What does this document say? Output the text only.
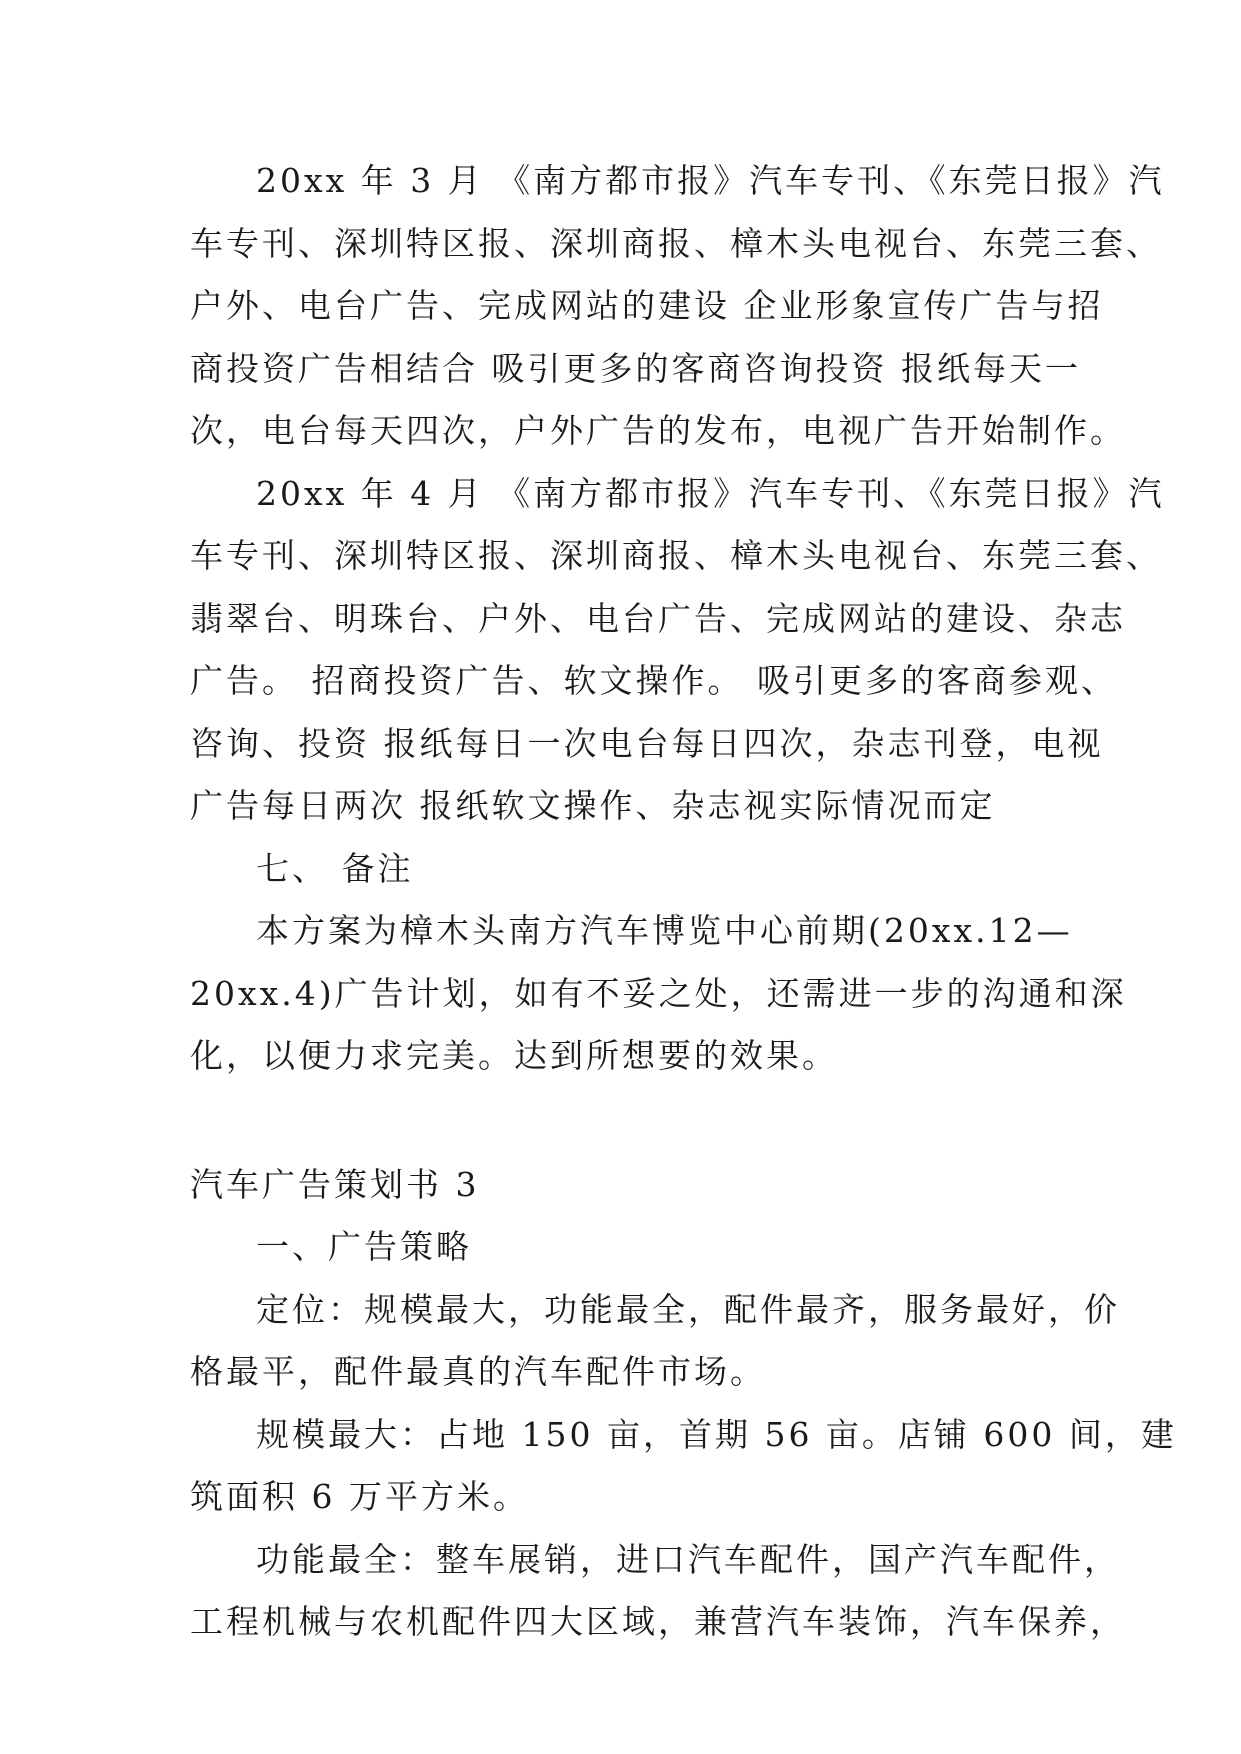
20xx 年 3 月 《南方都市报》汽车专刊、《东莞日报》汽
车专刊、深圳特区报、深圳商报、樟木头电视台、东莞三套、
户外、电台广告、完成网站的建设 企业形象宣传广告与招
商投资广告相结合 吸引更多的客商咨询投资 报纸每天一
次，电台每天四次，户外广告的发布，电视广告开始制作。
20xx 年 4 月 《南方都市报》汽车专刊、《东莞日报》汽
车专刊、深圳特区报、深圳商报、樟木头电视台、东莞三套、
翡翠台、明珠台、户外、电台广告、完成网站的建设、杂志
广告。 招商投资广告、软文操作。 吸引更多的客商参观、
咨询、投资 报纸每日一次电台每日四次，杂志刊登，电视
广告每日两次 报纸软文操作、杂志视实际情况而定
七、 备注
本方案为樟木头南方汽车博览中心前期(20xx.12—
20xx.4)广告计划，如有不妥之处，还需进一步的沟通和深
化，以便力求完美。达到所想要的效果。
汽车广告策划书 3
一、广告策略
定位：规模最大，功能最全，配件最齐，服务最好，价
格最平，配件最真的汽车配件市场。
规模最大：占地 150 亩，首期 56 亩。店铺 600 间，建
筑面积 6 万平方米。
功能最全：整车展销，进口汽车配件，国产汽车配件，
工程机械与农机配件四大区域，兼营汽车装饰，汽车保养，
